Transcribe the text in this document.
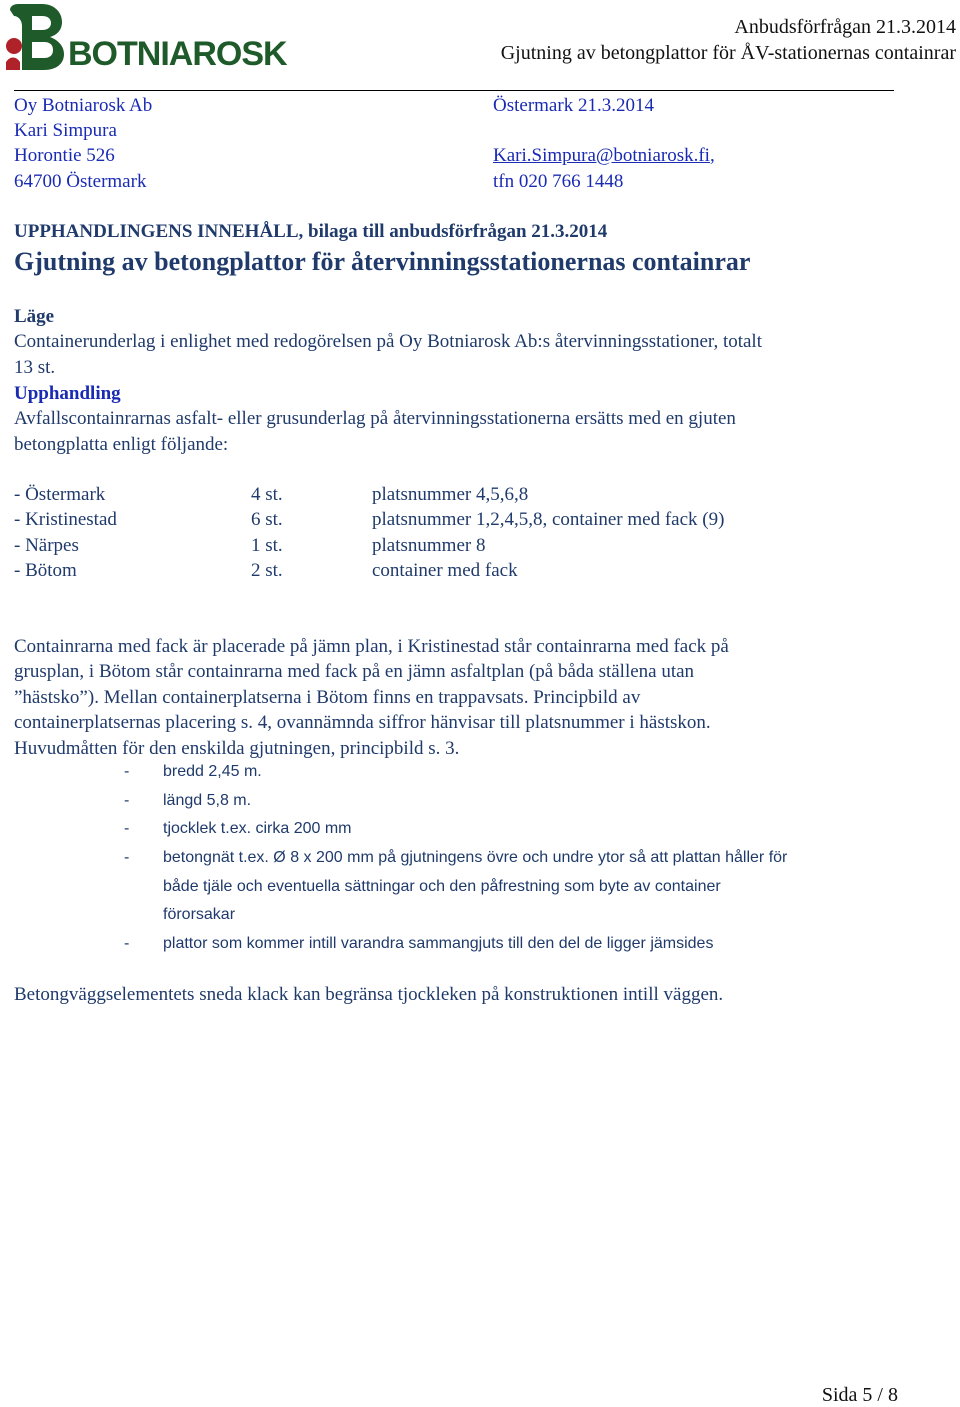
BOTNIAROSK
Anbudsförfrågan 21.3.2014
Gjutning av betongplattor för ÅV-stationernas containrar
Oy Botniarosk Ab
Kari Simpura
Horontie 526
64700 Östermark
Östermark 21.3.2014
Kari.Simpura@botniarosk.fi,
tfn 020 766 1448
UPPHANDLINGENS INNEHÅLL, bilaga till anbudsförfrågan 21.3.2014
Gjutning av betongplattor för återvinningsstationernas containrar
Läge
Containerunderlag i enlighet med redogörelsen på Oy Botniarosk Ab:s återvinningsstationer, totalt
13 st.
Upphandling
Avfallscontainrarnas asfalt- eller grusunderlag på återvinningsstationerna ersätts med en gjuten
betongplatta enligt följande:
- Östermark	4 st.	platsnummer 4,5,6,8
- Kristinestad	6 st.	platsnummer 1,2,4,5,8, container med fack (9)
- Närpes	1 st.	platsnummer 8
- Bötom	2 st.	container med fack
Containrarna med fack är placerade på jämn plan, i Kristinestad står containrarna med fack på
grusplan, i Bötom står containrarna med fack på en jämn asfaltplan (på båda ställena utan
”hästsko”). Mellan containerplatserna i Bötom finns en trappavsats. Principbild av
containerplatsernas placering s. 4, ovannämnda siffror hänvisar till platsnummer i hästskon.
Huvudmåtten för den enskilda gjutningen, principbild s. 3.
- bredd 2,45 m.
- längd 5,8 m.
- tjocklek t.ex. cirka 200 mm
- betongnät t.ex. Ø 8 x 200 mm på gjutningens övre och undre ytor så att plattan håller för
både tjäle och eventuella sättningar och den påfrestning som byte av container
förorsakar
- plattor som kommer intill varandra sammangjuts till den del de ligger jämsides
Betongväggselementets sneda klack kan begränsa tjockleken på konstruktionen intill väggen.
Sida 5 / 8
